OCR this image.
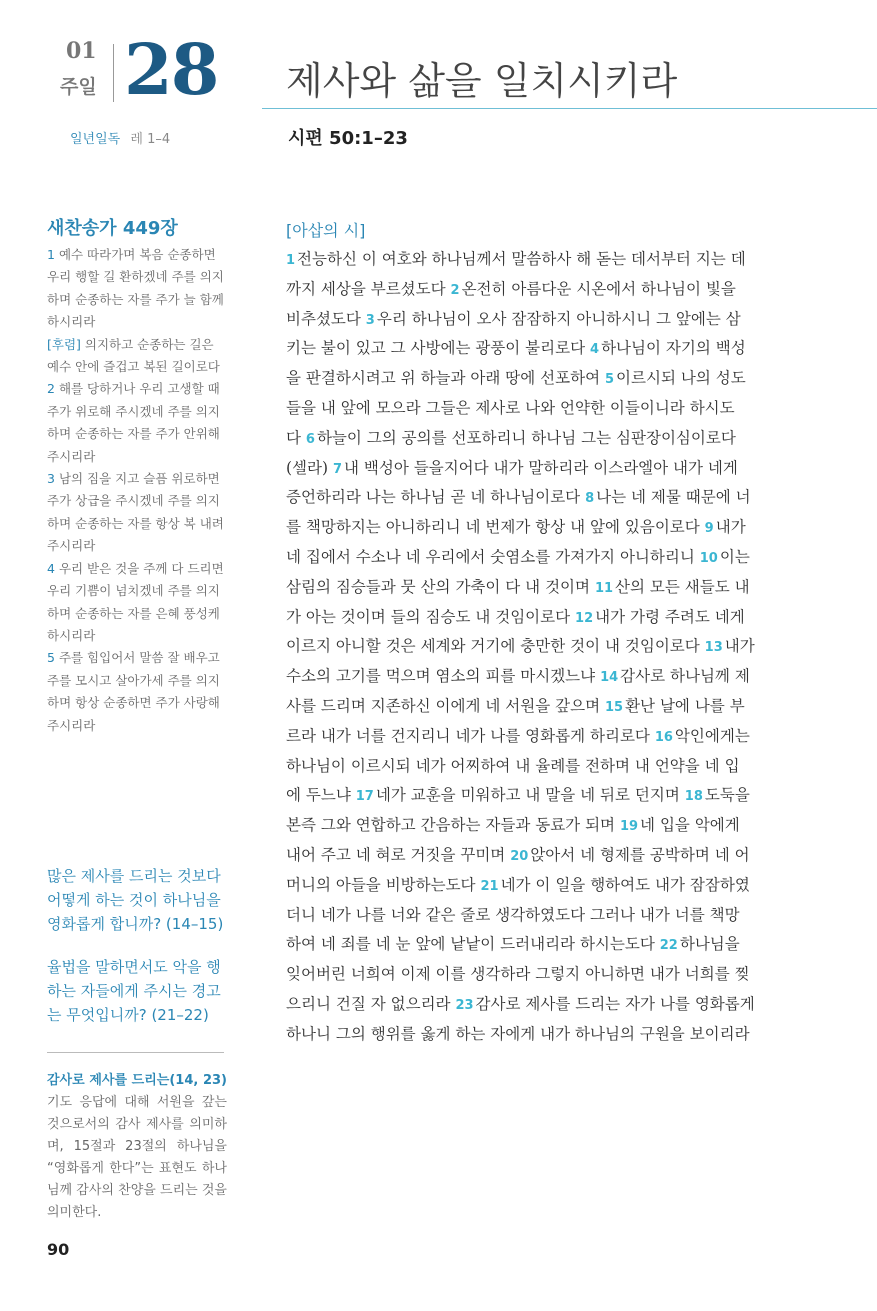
01
주일 28 제사와 삶을 일치시키라
일년일독 레 1–4	시편 50:1–23
새찬송가 449장
1 예수 따라가며 복음 순종하면
우리 행할 길 환하겠네 주를 의지
하며 순종하는 자를 주가 늘 함께
하시리라
[후렴] 의지하고 순종하는 길은
예수 안에 즐겁고 복된 길이로다
2 해를 당하거나 우리 고생할 때
주가 위로해 주시겠네 주를 의지
하며 순종하는 자를 주가 안위해
주시리라
3 남의 짐을 지고 슬픔 위로하면
주가 상급을 주시겠네 주를 의지
하며 순종하는 자를 항상 복 내려
주시리라
4 우리 받은 것을 주께 다 드리면
우리 기쁨이 넘치겠네 주를 의지
하며 순종하는 자를 은혜 풍성케
하시리라
5 주를 힘입어서 말씀 잘 배우고
주를 모시고 살아가세 주를 의지
하며 항상 순종하면 주가 사랑해
주시리라
많은 제사를 드리는 것보다 어떻게 하는 것이 하나님을 영화롭게 합니까? (14–15)
율법을 말하면서도 악을 행하는 자들에게 주시는 경고는 무엇입니까? (21–22)
감사로 제사를 드리는(14, 23) 기도 응답에 대해 서원을 갚는 것으로서의 감사 제사를 의미하며, 15절과 23절의 하나님을 “영화롭게 한다”는 표현도 하나님께 감사의 찬양을 드리는 것을 의미한다.
90
[아삽의 시]
1 전능하신 이 여호와 하나님께서 말씀하사 해 돋는 데서부터 지는 데
까지 세상을 부르셨도다 2 온전히 아름다운 시온에서 하나님이 빛을
비추셨도다 3 우리 하나님이 오사 잠잠하지 아니하시니 그 앞에는 삼
키는 불이 있고 그 사방에는 광풍이 불리로다 4 하나님이 자기의 백성
을 판결하시려고 위 하늘과 아래 땅에 선포하여 5 이르시되 나의 성도
들을 내 앞에 모으라 그들은 제사로 나와 언약한 이들이니라 하시도
다 6 하늘이 그의 공의를 선포하리니 하나님 그는 심판장이심이로다
(셀라) 7 내 백성아 들을지어다 내가 말하리라 이스라엘아 내가 네게
증언하리라 나는 하나님 곧 네 하나님이로다 8 나는 네 제물 때문에 너
를 책망하지는 아니하리니 네 번제가 항상 내 앞에 있음이로다 9 내가
네 집에서 수소나 네 우리에서 숫염소를 가져가지 아니하리니 10 이는
삼림의 짐승들과 뭇 산의 가축이 다 내 것이며 11 산의 모든 새들도 내
가 아는 것이며 들의 짐승도 내 것임이로다 12 내가 가령 주려도 네게
이르지 아니할 것은 세계와 거기에 충만한 것이 내 것임이로다 13 내가
수소의 고기를 먹으며 염소의 피를 마시겠느냐 14 감사로 하나님께 제
사를 드리며 지존하신 이에게 네 서원을 갚으며 15 환난 날에 나를 부
르라 내가 너를 건지리니 네가 나를 영화롭게 하리로다 16 악인에게는
하나님이 이르시되 네가 어찌하여 내 율례를 전하며 내 언약을 네 입
에 두느냐 17 네가 교훈을 미워하고 내 말을 네 뒤로 던지며 18 도둑을
본즉 그와 연합하고 간음하는 자들과 동료가 되며 19 네 입을 악에게
내어 주고 네 혀로 거짓을 꾸미며 20 앉아서 네 형제를 공박하며 네 어
머니의 아들을 비방하는도다 21 네가 이 일을 행하여도 내가 잠잠하였
더니 네가 나를 너와 같은 줄로 생각하였도다 그러나 내가 너를 책망
하여 네 죄를 네 눈 앞에 낱낱이 드러내리라 하시는도다 22 하나님을
잊어버린 너희여 이제 이를 생각하라 그렇지 아니하면 내가 너희를 찢
으리니 건질 자 없으리라 23 감사로 제사를 드리는 자가 나를 영화롭게
하나니 그의 행위를 옳게 하는 자에게 내가 하나님의 구원을 보이리라
